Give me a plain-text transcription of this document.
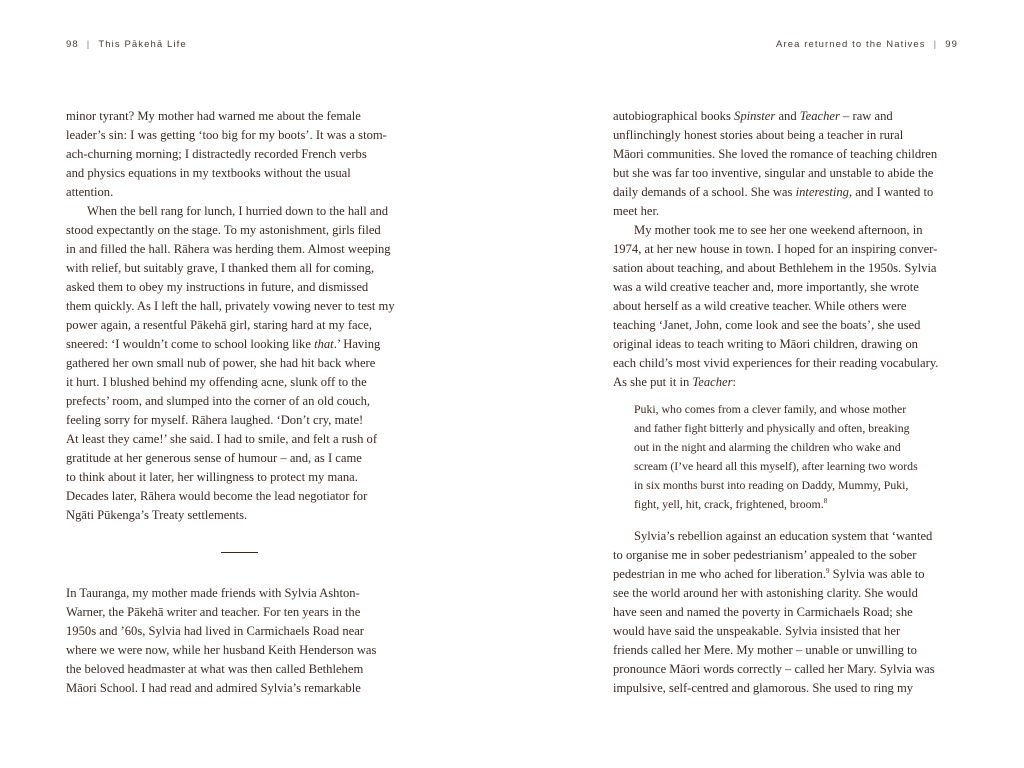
98 | This Pākehā Life	Area returned to the Natives | 99
minor tyrant? My mother had warned me about the female
leader’s sin: I was getting ‘too big for my boots’. It was a stom-
ach-churning morning; I distractedly recorded French verbs
and physics equations in my textbooks without the usual
attention.
When the bell rang for lunch, I hurried down to the hall and
stood expectantly on the stage. To my astonishment, girls filed
in and filled the hall. Rāhera was herding them. Almost weeping
with relief, but suitably grave, I thanked them all for coming,
asked them to obey my instructions in future, and dismissed
them quickly. As I left the hall, privately vowing never to test my
power again, a resentful Pākehā girl, staring hard at my face,
sneered: ‘I wouldn’t come to school looking like that.’ Having
gathered her own small nub of power, she had hit back where
it hurt. I blushed behind my offending acne, slunk off to the
prefects’ room, and slumped into the corner of an old couch,
feeling sorry for myself. Rāhera laughed. ‘Don’t cry, mate!
At least they came!’ she said. I had to smile, and felt a rush of
gratitude at her generous sense of humour – and, as I came
to think about it later, her willingness to protect my mana.
Decades later, Rāhera would become the lead negotiator for
Ngāti Pūkenga’s Treaty settlements.
In Tauranga, my mother made friends with Sylvia Ashton-
Warner, the Pākehā writer and teacher. For ten years in the
1950s and ’60s, Sylvia had lived in Carmichaels Road near
where we were now, while her husband Keith Henderson was
the beloved headmaster at what was then called Bethlehem
Māori School. I had read and admired Sylvia’s remarkable
autobiographical books Spinster and Teacher – raw and
unflinchingly honest stories about being a teacher in rural
Māori communities. She loved the romance of teaching children
but she was far too inventive, singular and unstable to abide the
daily demands of a school. She was interesting, and I wanted to
meet her.
My mother took me to see her one weekend afternoon, in
1974, at her new house in town. I hoped for an inspiring conver-
sation about teaching, and about Bethlehem in the 1950s. Sylvia
was a wild creative teacher and, more importantly, she wrote
about herself as a wild creative teacher. While others were
teaching ‘Janet, John, come look and see the boats’, she used
original ideas to teach writing to Māori children, drawing on
each child’s most vivid experiences for their reading vocabulary.
As she put it in Teacher:
Puki, who comes from a clever family, and whose mother
and father fight bitterly and physically and often, breaking
out in the night and alarming the children who wake and
scream (I’ve heard all this myself), after learning two words
in six months burst into reading on Daddy, Mummy, Puki,
fight, yell, hit, crack, frightened, broom.$^8$
Sylvia’s rebellion against an education system that ‘wanted
to organise me in sober pedestrianism’ appealed to the sober
pedestrian in me who ached for liberation.$^9$ Sylvia was able to
see the world around her with astonishing clarity. She would
have seen and named the poverty in Carmichaels Road; she
would have said the unspeakable. Sylvia insisted that her
friends called her Mere. My mother – unable or unwilling to
pronounce Māori words correctly – called her Mary. Sylvia was
impulsive, self-centred and glamorous. She used to ring my
